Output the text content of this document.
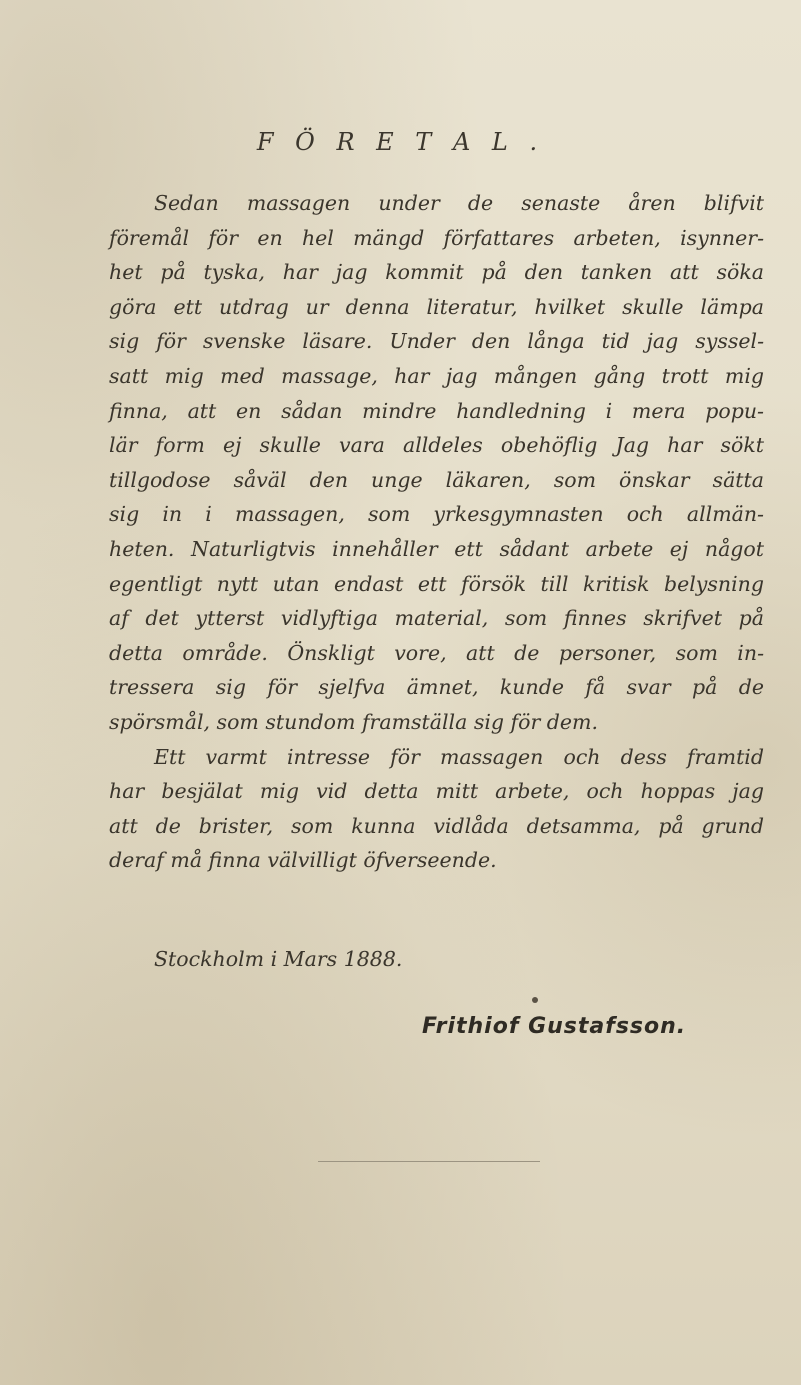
F Ö R E T A L .
Sedan massagen under de senaste åren blifvit
föremål för en hel mängd författares arbeten, isynner-
het på tyska, har jag kommit på den tanken att söka
göra ett utdrag ur denna literatur, hvilket skulle lämpa
sig för svenske läsare. Under den långa tid jag syssel-
satt mig med massage, har jag mången gång trott mig
finna, att en sådan mindre handledning i mera popu-
lär form ej skulle vara alldeles obehöflig Jag har sökt
tillgodose såväl den unge läkaren, som önskar sätta
sig in i massagen, som yrkesgymnasten och allmän-
heten. Naturligtvis innehåller ett sådant arbete ej något
egentligt nytt utan endast ett försök till kritisk belysning
af det ytterst vidlyftiga material, som finnes skrifvet på
detta område. Önskligt vore, att de personer, som in-
tressera sig för sjelfva ämnet, kunde få svar på de
spörsmål, som stundom framställa sig för dem.
Ett varmt intresse för massagen och dess framtid
har besjälat mig vid detta mitt arbete, och hoppas jag
att de brister, som kunna vidlåda detsamma, på grund
deraf må finna välvilligt öfverseende.
Stockholm i Mars 1888.
Frithiof Gustafsson.
